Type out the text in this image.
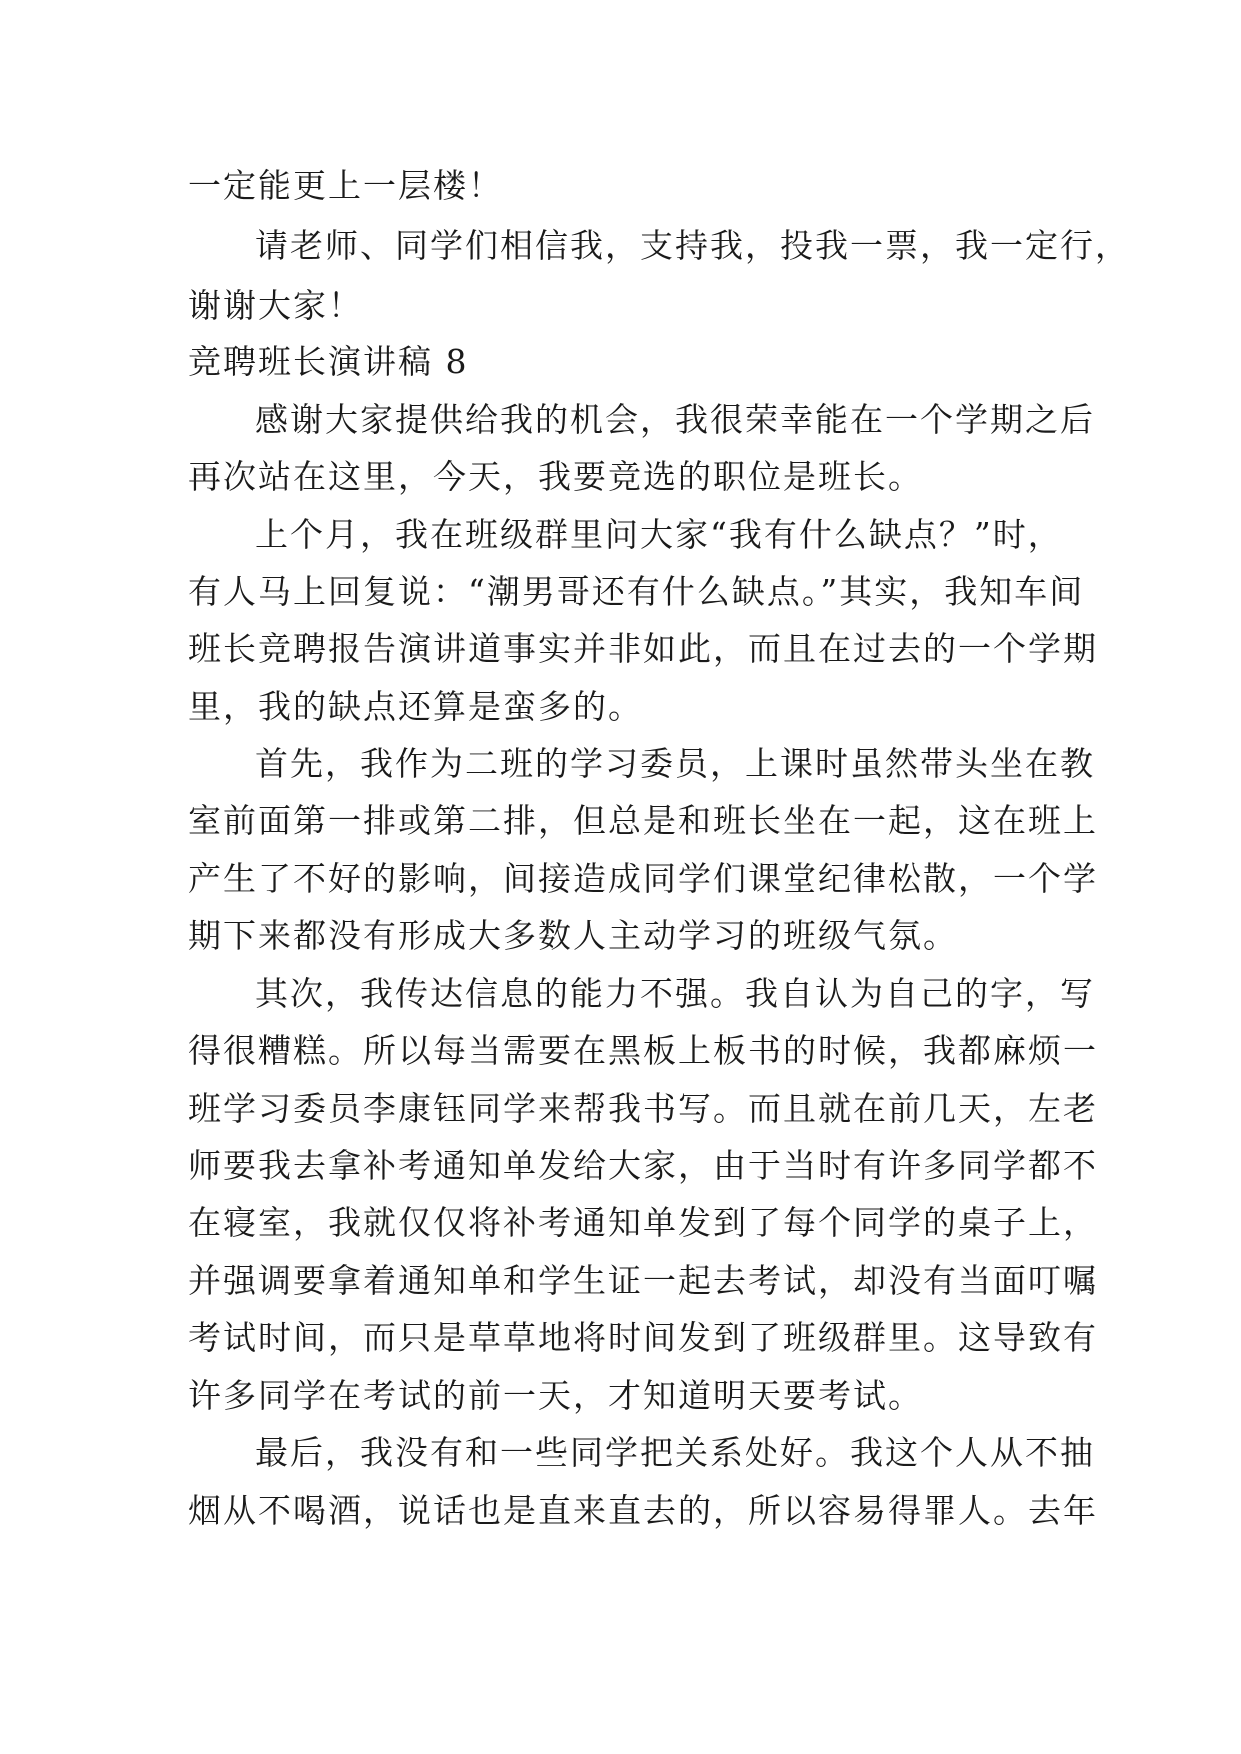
一定能更上一层楼！
请老师、同学们相信我，支持我，投我一票，我一定行，
谢谢大家！
竞聘班长演讲稿 8
感谢大家提供给我的机会，我很荣幸能在一个学期之后
再次站在这里，今天，我要竞选的职位是班长。
上个月，我在班级群里问大家“我有什么缺点？”时，
有人马上回复说：“潮男哥还有什么缺点。”其实，我知车间
班长竞聘报告演讲道事实并非如此，而且在过去的一个学期
里，我的缺点还算是蛮多的。
首先，我作为二班的学习委员，上课时虽然带头坐在教
室前面第一排或第二排，但总是和班长坐在一起，这在班上
产生了不好的影响，间接造成同学们课堂纪律松散，一个学
期下来都没有形成大多数人主动学习的班级气氛。
其次，我传达信息的能力不强。我自认为自己的字，写
得很糟糕。所以每当需要在黑板上板书的时候，我都麻烦一
班学习委员李康钰同学来帮我书写。而且就在前几天，左老
师要我去拿补考通知单发给大家，由于当时有许多同学都不
在寝室，我就仅仅将补考通知单发到了每个同学的桌子上，
并强调要拿着通知单和学生证一起去考试，却没有当面叮嘱
考试时间，而只是草草地将时间发到了班级群里。这导致有
许多同学在考试的前一天，才知道明天要考试。
最后，我没有和一些同学把关系处好。我这个人从不抽
烟从不喝酒，说话也是直来直去的，所以容易得罪人。去年
